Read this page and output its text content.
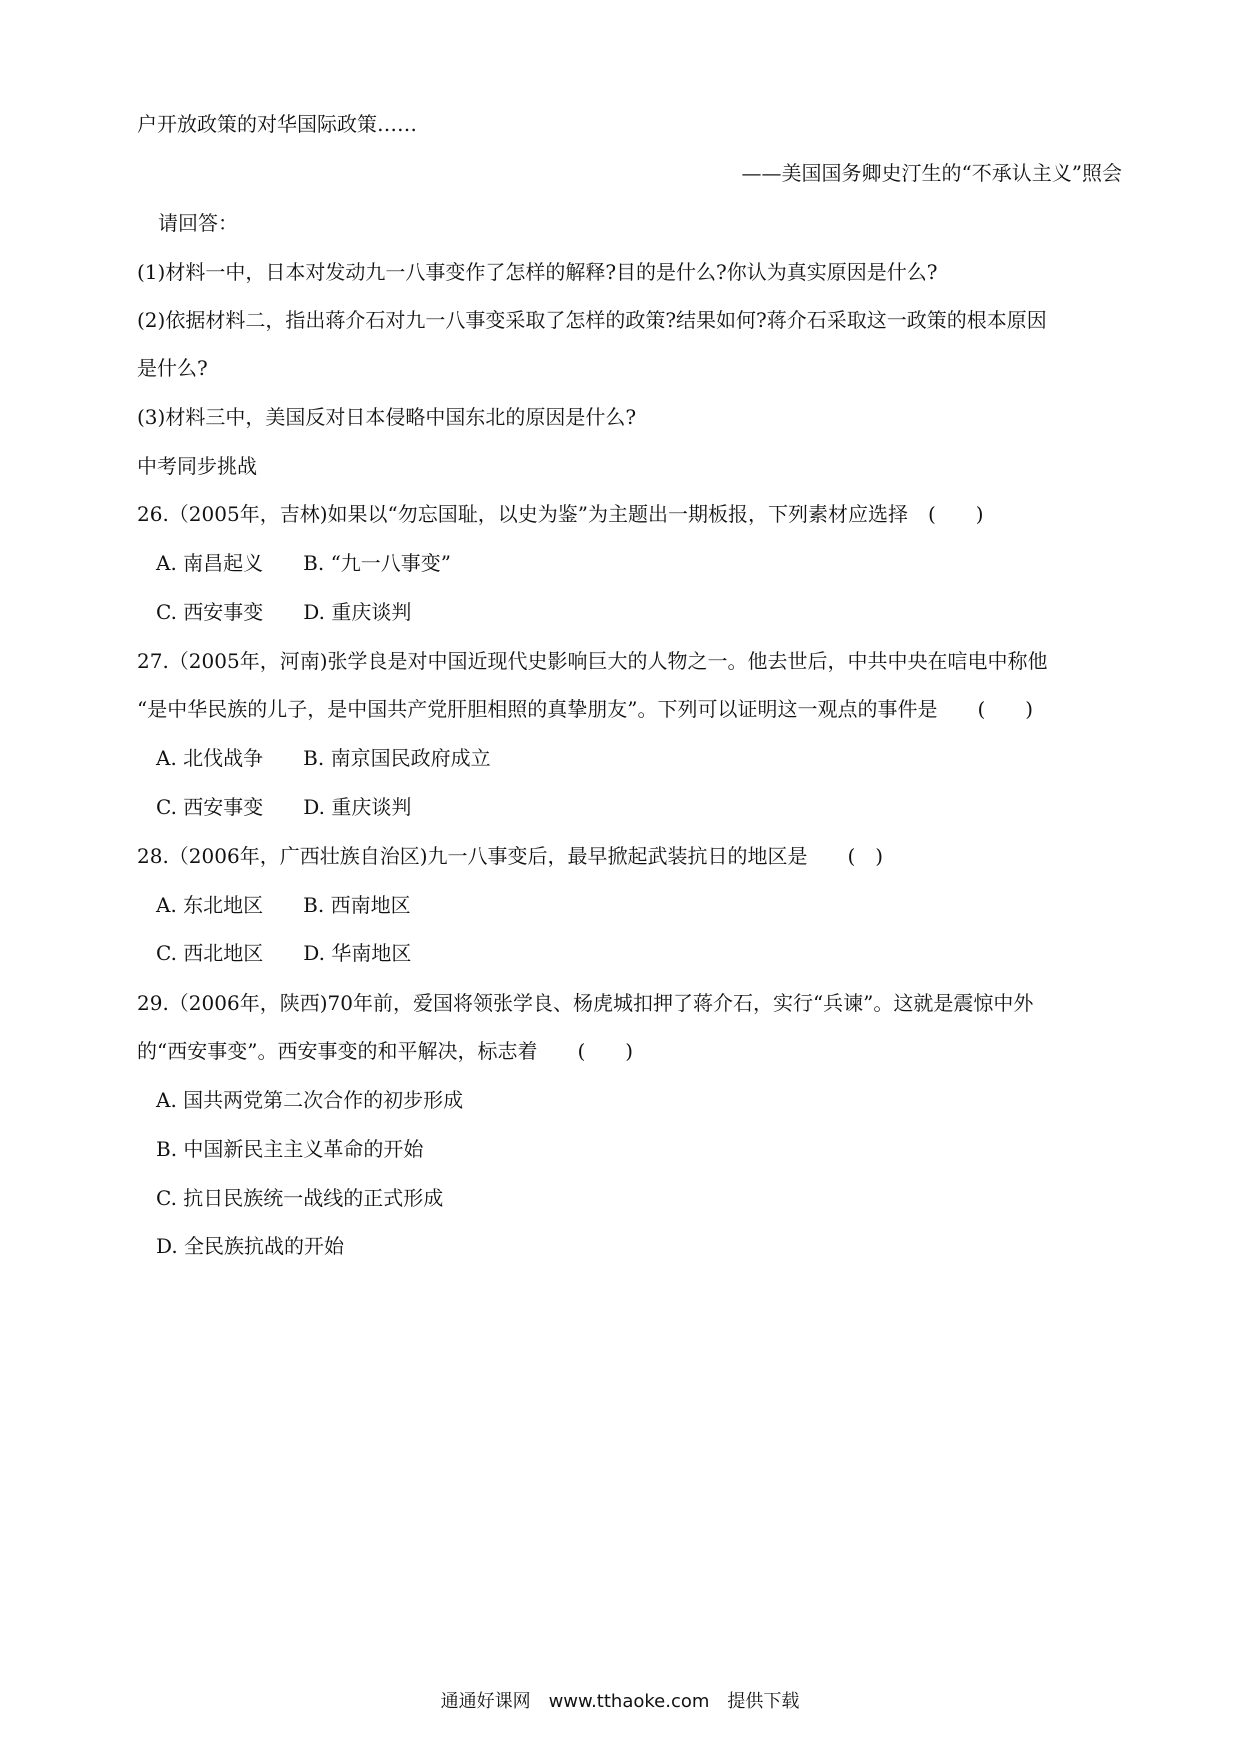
户开放政策的对华国际政策……
——美国国务卿史汀生的“不承认主义”照会
请回答：
(1)材料一中，日本对发动九一八事变作了怎样的解释?目的是什么?你认为真实原因是什么?
(2)依据材料二，指出蒋介石对九一八事变采取了怎样的政策?结果如何?蒋介石采取这一政策的根本原因
是什么?
(3)材料三中，美国反对日本侵略中国东北的原因是什么?
中考同步挑战
26.（2005年，吉林)如果以“勿忘国耻，以史为鉴”为主题出一期板报，下列素材应选择　(　　)
A. 南昌起义　　B. “九一八事变”
C. 西安事变　　D. 重庆谈判
27.（2005年，河南)张学良是对中国近现代史影响巨大的人物之一。他去世后，中共中央在唁电中称他
“是中华民族的儿子，是中国共产党肝胆相照的真挚朋友”。下列可以证明这一观点的事件是　　(　　)
A. 北伐战争　　B. 南京国民政府成立
C. 西安事变　　D. 重庆谈判
28.（2006年，广西壮族自治区)九一八事变后，最早掀起武装抗日的地区是　　(　)
A. 东北地区　　B. 西南地区
C. 西北地区　　D. 华南地区
29.（2006年，陕西)70年前，爱国将领张学良、杨虎城扣押了蒋介石，实行“兵谏”。这就是震惊中外
的“西安事变”。西安事变的和平解决，标志着　　(　　)
A. 国共两党第二次合作的初步形成
B. 中国新民主主义革命的开始
C. 抗日民族统一战线的正式形成
D. 全民族抗战的开始
通通好课网　www.tthaoke.com　提供下载
